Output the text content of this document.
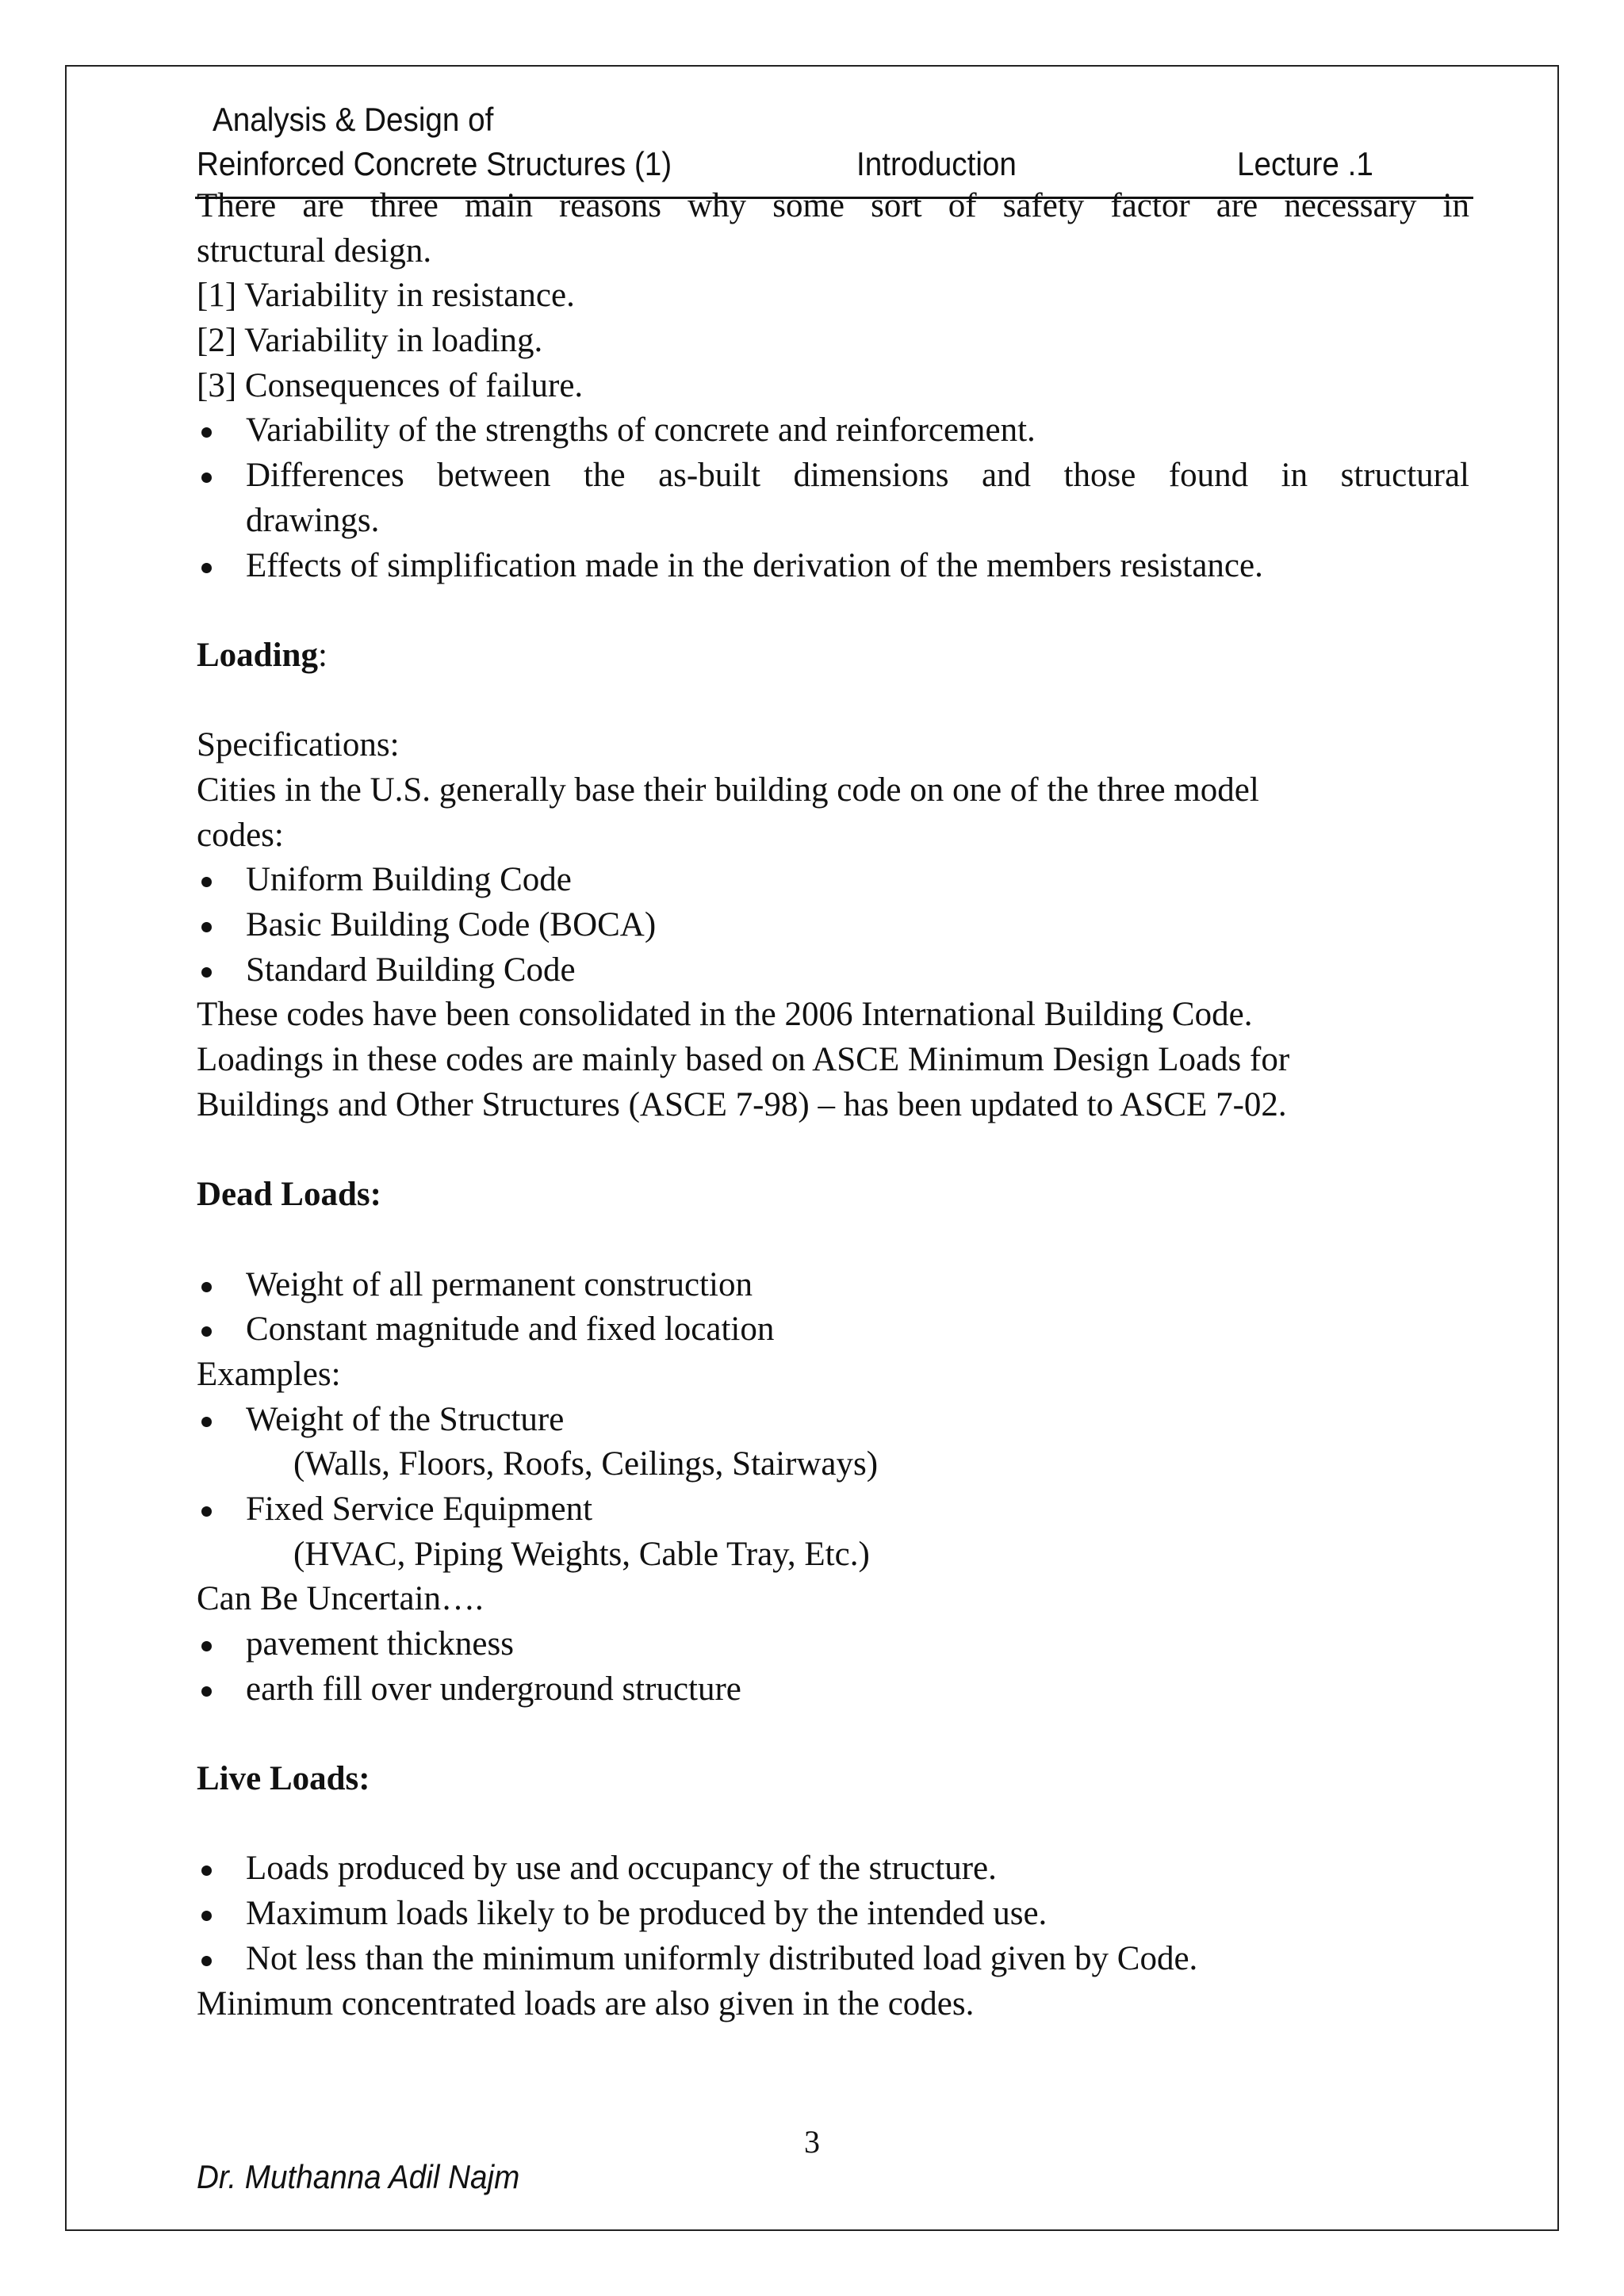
Analysis & Design of
Reinforced Concrete Structures (1)	Introduction	Lecture .1
There are three main reasons why some sort of safety factor are necessary in
structural design.
[1] Variability in resistance.
[2] Variability in loading.
[3] Consequences of failure.
Variability of the strengths of concrete and reinforcement.
Differences between the as-built dimensions and those found in structural
drawings.
Effects of simplification made in the derivation of the members resistance.
Loading:
Specifications:
Cities in the U.S. generally base their building code on one of the three model
codes:
Uniform Building Code
Basic Building Code (BOCA)
Standard Building Code
These codes have been consolidated in the 2006 International Building Code.
Loadings in these codes are mainly based on ASCE Minimum Design Loads for
Buildings and Other Structures (ASCE 7-98) – has been updated to ASCE 7-02.
Dead Loads:
Weight of all permanent construction
Constant magnitude and fixed location
Examples:
Weight of the Structure
(Walls, Floors, Roofs, Ceilings, Stairways)
Fixed Service Equipment
(HVAC, Piping Weights, Cable Tray, Etc.)
Can Be Uncertain….
pavement thickness
earth fill over underground structure
Live Loads:
Loads produced by use and occupancy of the structure.
Maximum loads likely to be produced by the intended use.
Not less than the minimum uniformly distributed load given by Code.
Minimum concentrated loads are also given in the codes.
3
Dr. Muthanna Adil Najm
